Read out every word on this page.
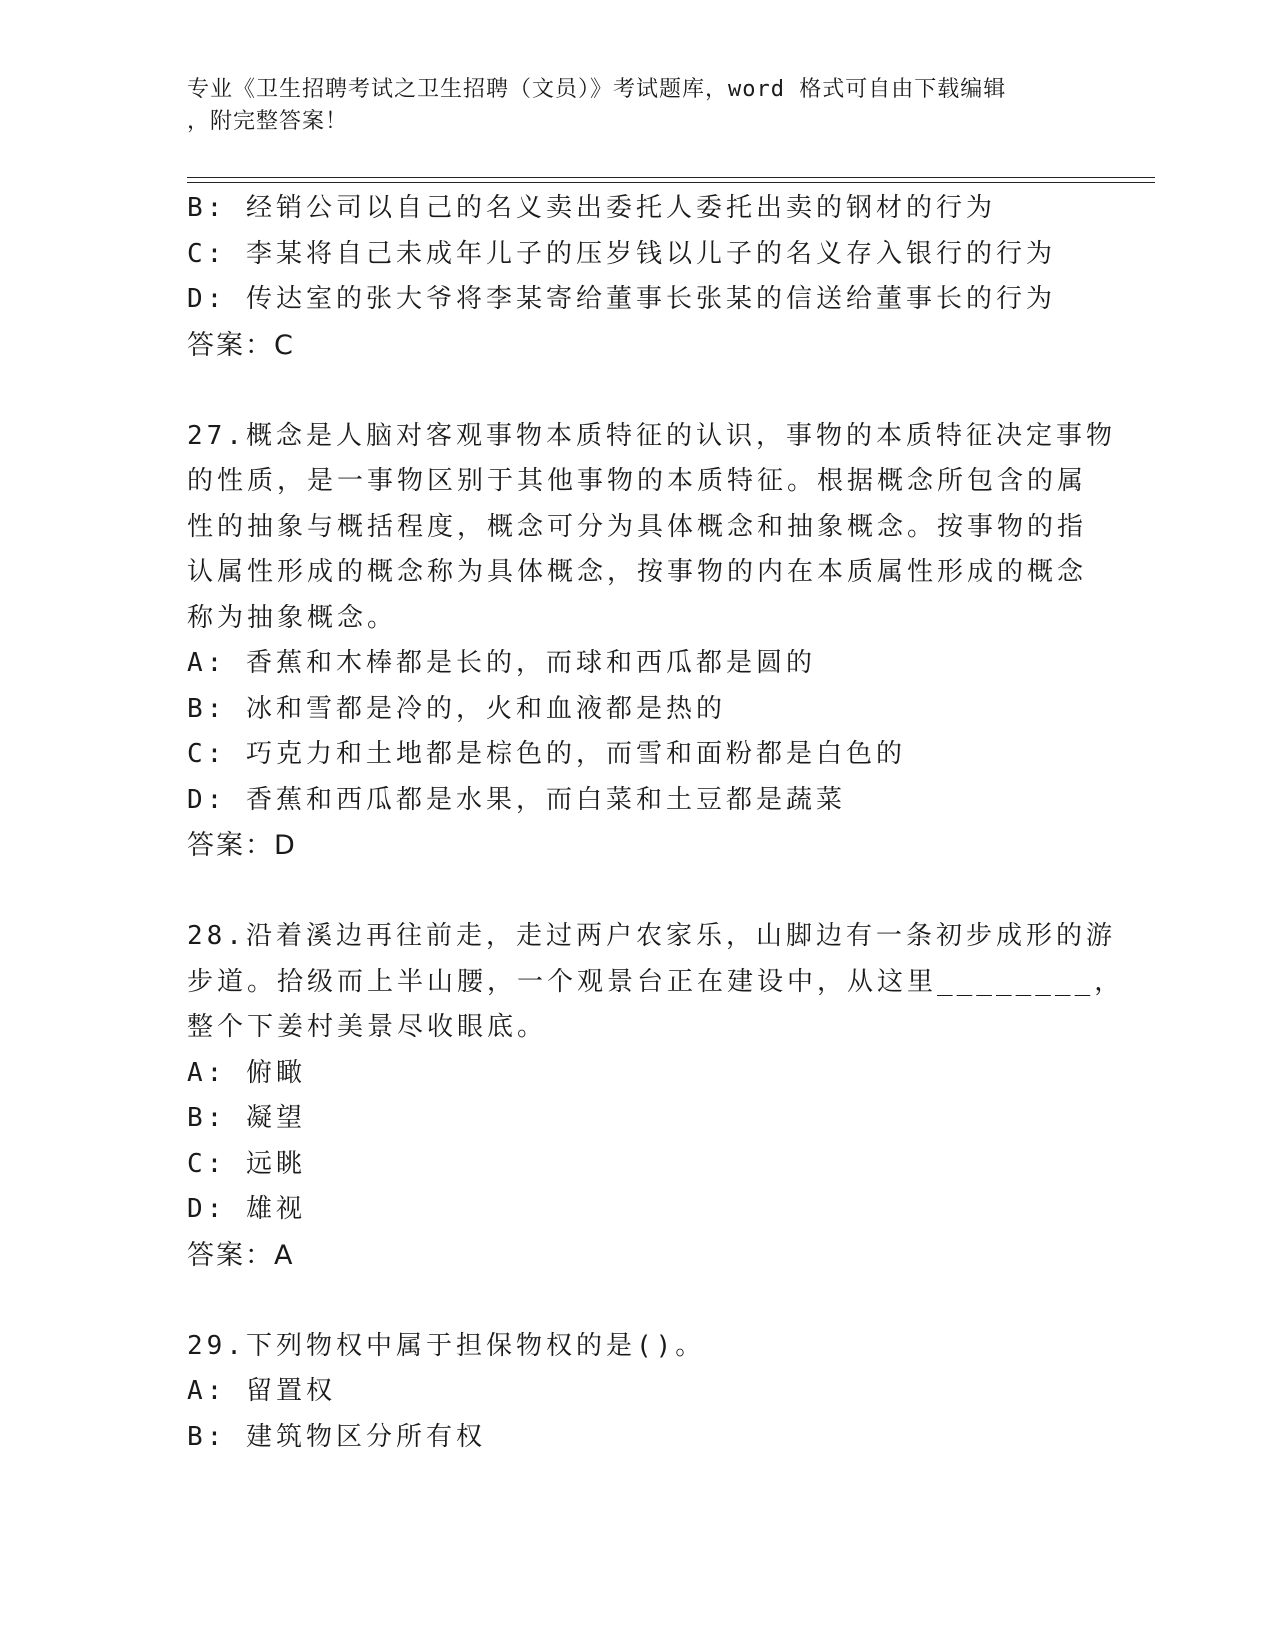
专业《卫生招聘考试之卫生招聘（文员）》考试题库，word 格式可自由下载编辑
，附完整答案！
B: 经销公司以自己的名义卖出委托人委托出卖的钢材的行为
C: 李某将自己未成年儿子的压岁钱以儿子的名义存入银行的行为
D: 传达室的张大爷将李某寄给董事长张某的信送给董事长的行为
答案：C
27.概念是人脑对客观事物本质特征的认识，事物的本质特征决定事物
的性质，是一事物区别于其他事物的本质特征。根据概念所包含的属
性的抽象与概括程度，概念可分为具体概念和抽象概念。按事物的指
认属性形成的概念称为具体概念，按事物的内在本质属性形成的概念
称为抽象概念。
A: 香蕉和木棒都是长的，而球和西瓜都是圆的
B: 冰和雪都是冷的，火和血液都是热的
C: 巧克力和土地都是棕色的，而雪和面粉都是白色的
D: 香蕉和西瓜都是水果，而白菜和土豆都是蔬菜
答案：D
28.沿着溪边再往前走，走过两户农家乐，山脚边有一条初步成形的游
步道。拾级而上半山腰，一个观景台正在建设中，从这里________，
整个下姜村美景尽收眼底。
A: 俯瞰
B: 凝望
C: 远眺
D: 雄视
答案：A
29.下列物权中属于担保物权的是()。
A: 留置权
B: 建筑物区分所有权
